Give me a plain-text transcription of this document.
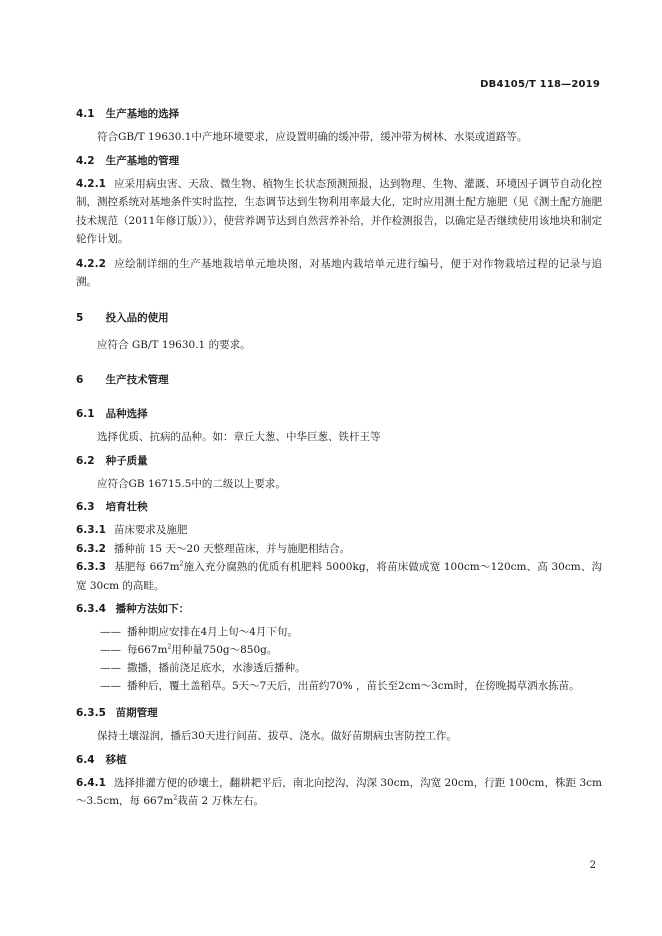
DB4105/T 118—2019

4.1 生产基地的选择

符合GB/T 19630.1中产地环境要求，应设置明确的缓冲带，缓冲带为树林、水渠或道路等。

4.2 生产基地的管理

4.2.1 应采用病虫害、天敌、微生物、植物生长状态预测预报，达到物理、生物、灌溉、环境因子调节自动化控制，测控系统对基地条件实时监控，生态调节达到生物利用率最大化，定时应用测土配方施肥（见《测土配方施肥技术规范（2011年修订版）》），使营养调节达到自然营养补给，并作检测报告，以确定是否继续使用该地块和制定轮作计划。

4.2.2 应绘制详细的生产基地栽培单元地块图，对基地内栽培单元进行编号，便于对作物栽培过程的记录与追溯。

5 投入品的使用

应符合 GB/T 19630.1 的要求。

6 生产技术管理

6.1 品种选择

选择优质、抗病的品种。如：章丘大葱、中华巨葱、铁杆王等

6.2 种子质量

应符合GB 16715.5中的二级以上要求。

6.3 培育壮秧

6.3.1 苗床要求及施肥

6.3.2 播种前 15 天～20 天整理苗床，并与施肥相结合。

6.3.3 基肥每 $667m^2$施入充分腐熟的优质有机肥料 5000kg，将苗床做成宽 100cm～120cm、高 30cm、沟宽 30cm 的高畦。

6.3.4 播种方法如下：

—— 播种期应安排在4月上旬～4月下旬。

—— 每$667m^2$用种量750g～850g。

—— 撒播，播前浇足底水，水渗透后播种。

—— 播种后，覆土盖稻草。5天～7天后，出苗约70% ，苗长至2cm～3cm时，在傍晚揭草洒水拣苗。

6.3.5 苗期管理

保持土壤湿润，播后30天进行间苗、拔草、浇水。做好苗期病虫害防控工作。

6.4 移植

6.4.1 选择排灌方便的砂壤土，翻耕耙平后，南北向挖沟，沟深 30cm，沟宽 20cm，行距 100cm，株距 3cm～3.5cm，每 $667m^2$栽苗 2 万株左右。

2
